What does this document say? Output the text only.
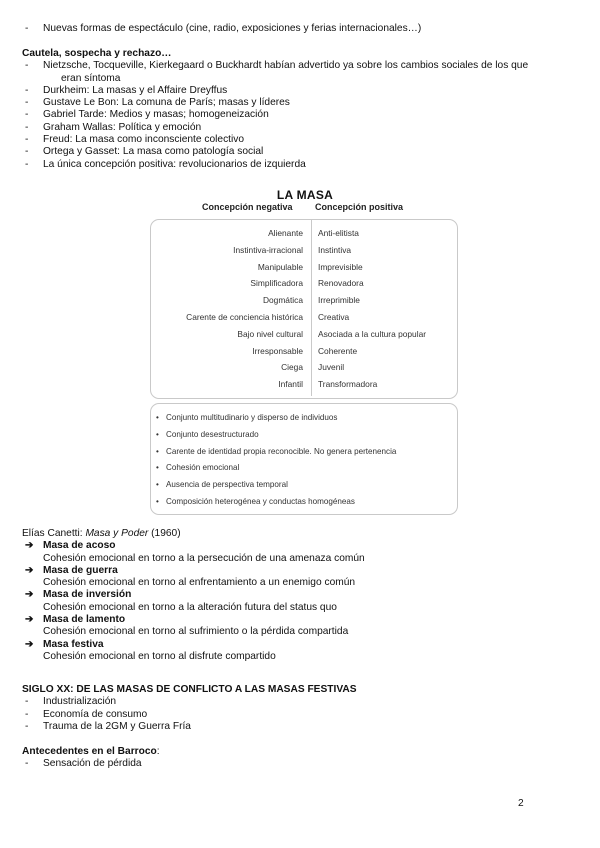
- Nuevas formas de espectáculo (cine, radio, exposiciones y ferias internacionales…)
Cautela, sospecha y rechazo…
- Nietzsche, Tocqueville, Kierkegaard o Buckhardt habían advertido ya sobre los cambios sociales de los que
eran síntoma
- Durkheim: La masas y el Affaire Dreyffus
- Gustave Le Bon: La comuna de París; masas y líderes
- Gabriel Tarde: Medios y masas; homogeneización
- Graham Wallas: Política y emoción
- Freud: La masa como inconsciente colectivo
- Ortega y Gasset: La masa como patología social
- La única concepción positiva: revolucionarios de izquierda
LA MASA
Concepción negativa Concepción positiva
Alienante
Instintiva-irracional
Manipulable
Simplificadora
Dogmática
Carente de conciencia histórica
Bajo nivel cultural
Irresponsable
Ciega
Infantil
Anti-elitista
Instintiva
Imprevisible
Renovadora
Irreprimible
Creativa
Asociada a la cultura popular
Coherente
Juvenil
Transformadora
• Conjunto multitudinario y disperso de individuos
• Conjunto desestructurado
• Carente de identidad propia reconocible. No genera pertenencia
• Cohesión emocional
• Ausencia de perspectiva temporal
• Composición heterogénea y conductas homogéneas
Elías Canetti: Masa y Poder (1960)
➔ Masa de acoso
Cohesión emocional en torno a la persecución de una amenaza común
➔ Masa de guerra
Cohesión emocional en torno al enfrentamiento a un enemigo común
➔ Masa de inversión
Cohesión emocional en torno a la alteración futura del status quo
➔ Masa de lamento
Cohesión emocional en torno al sufrimiento o la pérdida compartida
➔ Masa festiva
Cohesión emocional en torno al disfrute compartido
SIGLO XX: DE LAS MASAS DE CONFLICTO A LAS MASAS FESTIVAS
- Industrialización
- Economía de consumo
- Trauma de la 2GM y Guerra Fría
Antecedentes en el Barroco:
- Sensación de pérdida
2
